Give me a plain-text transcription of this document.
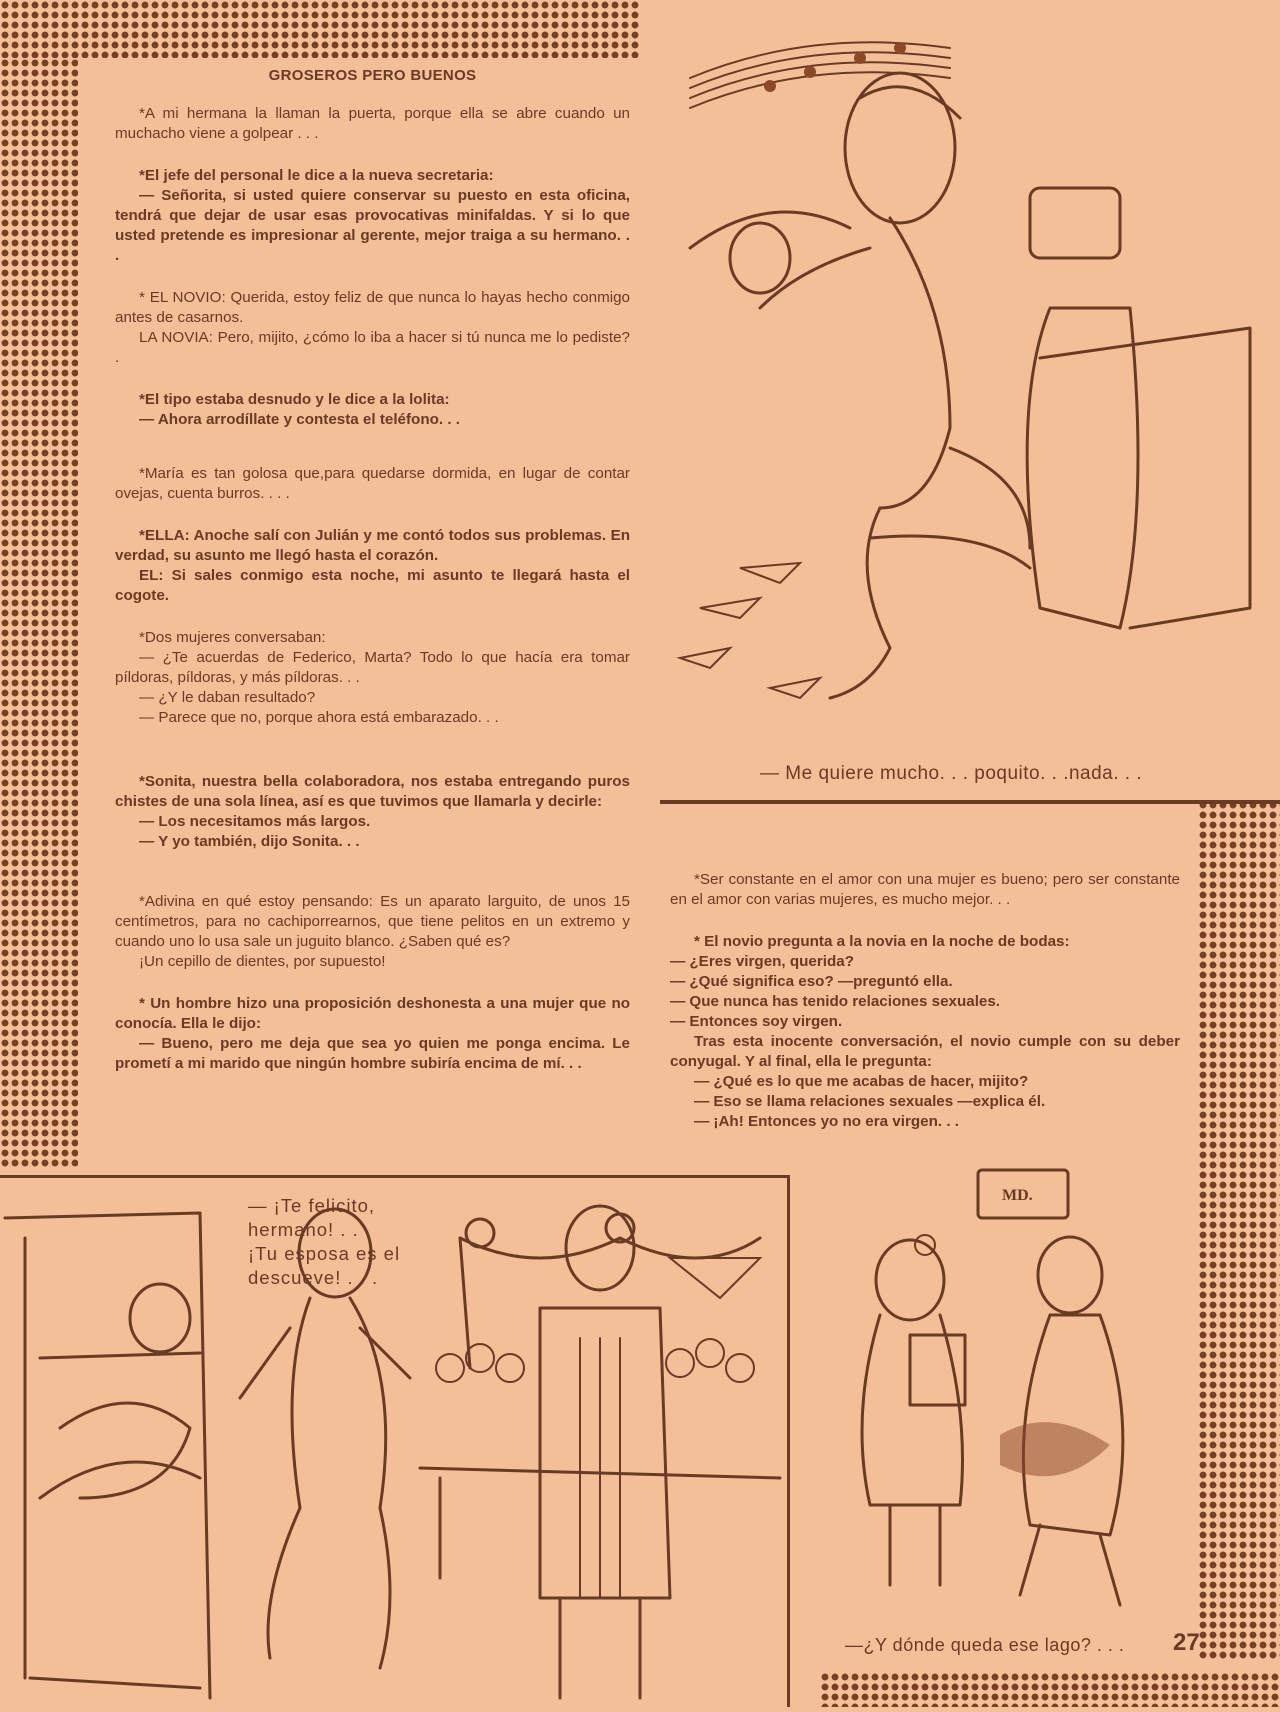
GROSEROS PERO BUENOS

*A mi hermana la llaman la puerta, porque ella se abre cuando un muchacho viene a golpear . . .

*El jefe del personal le dice a la nueva secretaria:

— Señorita, si usted quiere conservar su puesto en esta oficina, tendrá que dejar de usar esas provocativas minifaldas. Y si lo que usted pretende es impresionar al gerente, mejor traiga a su hermano. . .

* EL NOVIO: Querida, estoy feliz de que nunca lo hayas hecho conmigo antes de casarnos.

LA NOVIA: Pero, mijito, ¿cómo lo iba a hacer si tú nunca me lo pediste? .

*El tipo estaba desnudo y le dice a la lolita:

— Ahora arrodíllate y contesta el teléfono. . .

*María es tan golosa que,para quedarse dormida, en lugar de contar ovejas, cuenta burros. . . .

*ELLA: Anoche salí con Julián y me contó todos sus problemas. En verdad, su asunto me llegó hasta el corazón.

EL: Si sales conmigo esta noche, mi asunto te llegará hasta el cogote.

*Dos mujeres conversaban:

— ¿Te acuerdas de Federico, Marta? Todo lo que hacía era tomar píldoras, píldoras, y más píldoras. . .

— ¿Y le daban resultado?

— Parece que no, porque ahora está embarazado. . .

*Sonita, nuestra bella colaboradora, nos estaba entregando puros chistes de una sola línea, así es que tuvimos que llamarla y decirle:

— Los necesitamos más largos.

— Y yo también, dijo Sonita. . .

*Adivina en qué estoy pensando: Es un aparato larguito, de unos 15 centímetros, para no cachiporrearnos, que tiene pelitos en un extremo y cuando uno lo usa sale un juguito blanco. ¿Saben qué es?

¡Un cepillo de dientes, por supuesto!

* Un hombre hizo una proposición deshonesta a una mujer que no conocía. Ella le dijo:

— Bueno, pero me deja que sea yo quien me ponga encima. Le prometí a mi marido que ningún hombre subiría encima de mí. . .

— Me quiere mucho. . . poquito. . .nada. . .

*Ser constante en el amor con una mujer es bueno; pero ser constante en el amor con varias mujeres, es mucho mejor. . .

* El novio pregunta a la novia en la noche de bodas:

— ¿Eres virgen, querida?

— ¿Qué significa eso? —preguntó ella.

— Que nunca has tenido relaciones sexuales.

— Entonces soy virgen.

Tras esta inocente conversación, el novio cumple con su deber conyugal. Y al final, ella le pregunta:

— ¿Qué es lo que me acabas de hacer, mijito?

— Eso se llama relaciones sexuales —explica él.

— ¡Ah! Entonces yo no era virgen. . .

— ¡Te felicito,
hermano! . . .
¡Tu esposa es el
descueve! . . .
MD.
—¿Y dónde queda ese lago? . . . 27
